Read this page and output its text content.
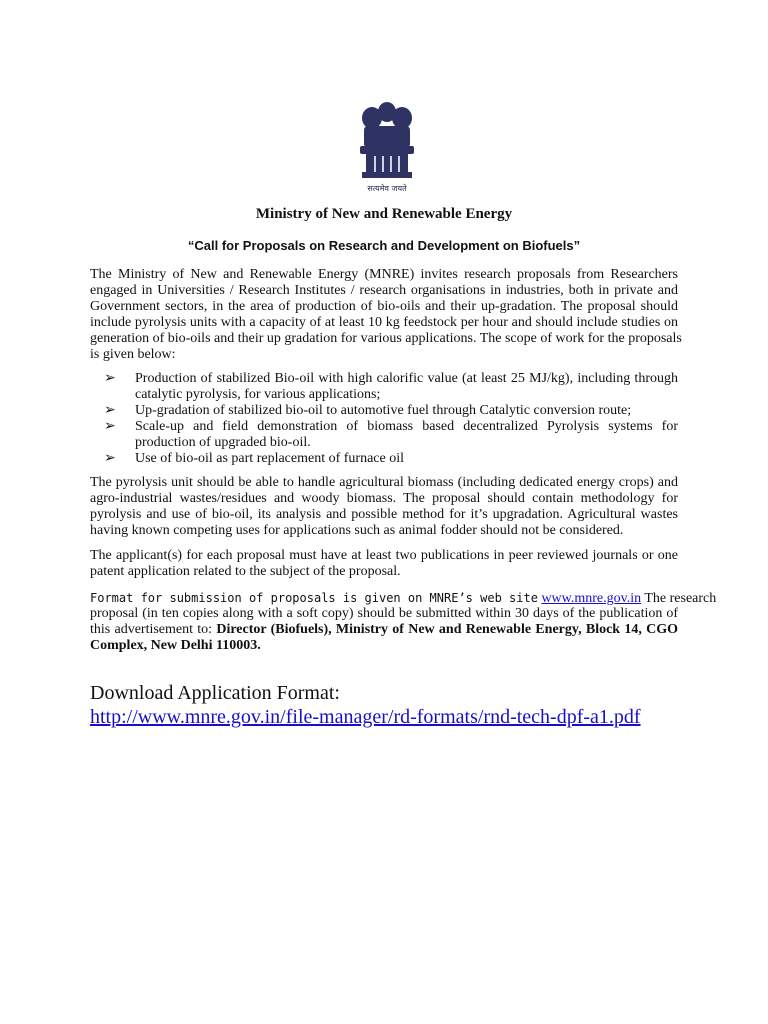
सत्यमेव जयते
Ministry of New and Renewable Energy
“Call for Proposals on Research and Development on Biofuels”
The Ministry of New and Renewable Energy (MNRE) invites research proposals from Researchers
engaged in Universities / Research Institutes / research organisations in industries, both in private and
Government sectors, in the area of production of bio-oils and their up-gradation. The proposal should
include pyrolysis units with a capacity of at least 10 kg feedstock per hour and should include studies on
generation of bio-oils and their up gradation for various applications. The scope of work for the proposals
is given below:
➢ Production of stabilized Bio-oil with high calorific value (at least 25 MJ/kg), including through
catalytic pyrolysis, for various applications;
➢ Up-gradation of stabilized bio-oil to automotive fuel through Catalytic conversion route;
➢ Scale-up and field demonstration of biomass based decentralized Pyrolysis systems for
production of upgraded bio-oil.
➢ Use of bio-oil as part replacement of furnace oil
The pyrolysis unit should be able to handle agricultural biomass (including dedicated energy crops) and
agro-industrial wastes/residues and woody biomass. The proposal should contain methodology for
pyrolysis and use of bio-oil, its analysis and possible method for it’s upgradation. Agricultural wastes
having known competing uses for applications such as animal fodder should not be considered.
The applicant(s) for each proposal must have at least two publications in peer reviewed journals or one
patent application related to the subject of the proposal.
Format for submission of proposals is given on MNRE’s web site www.mnre.gov.in The research
proposal (in ten copies along with a soft copy) should be submitted within 30 days of the publication of
this advertisement to: Director (Biofuels), Ministry of New and Renewable Energy, Block 14, CGO
Complex, New Delhi 110003.
Download Application Format:
http://www.mnre.gov.in/file-manager/rd-formats/rnd-tech-dpf-a1.pdf
